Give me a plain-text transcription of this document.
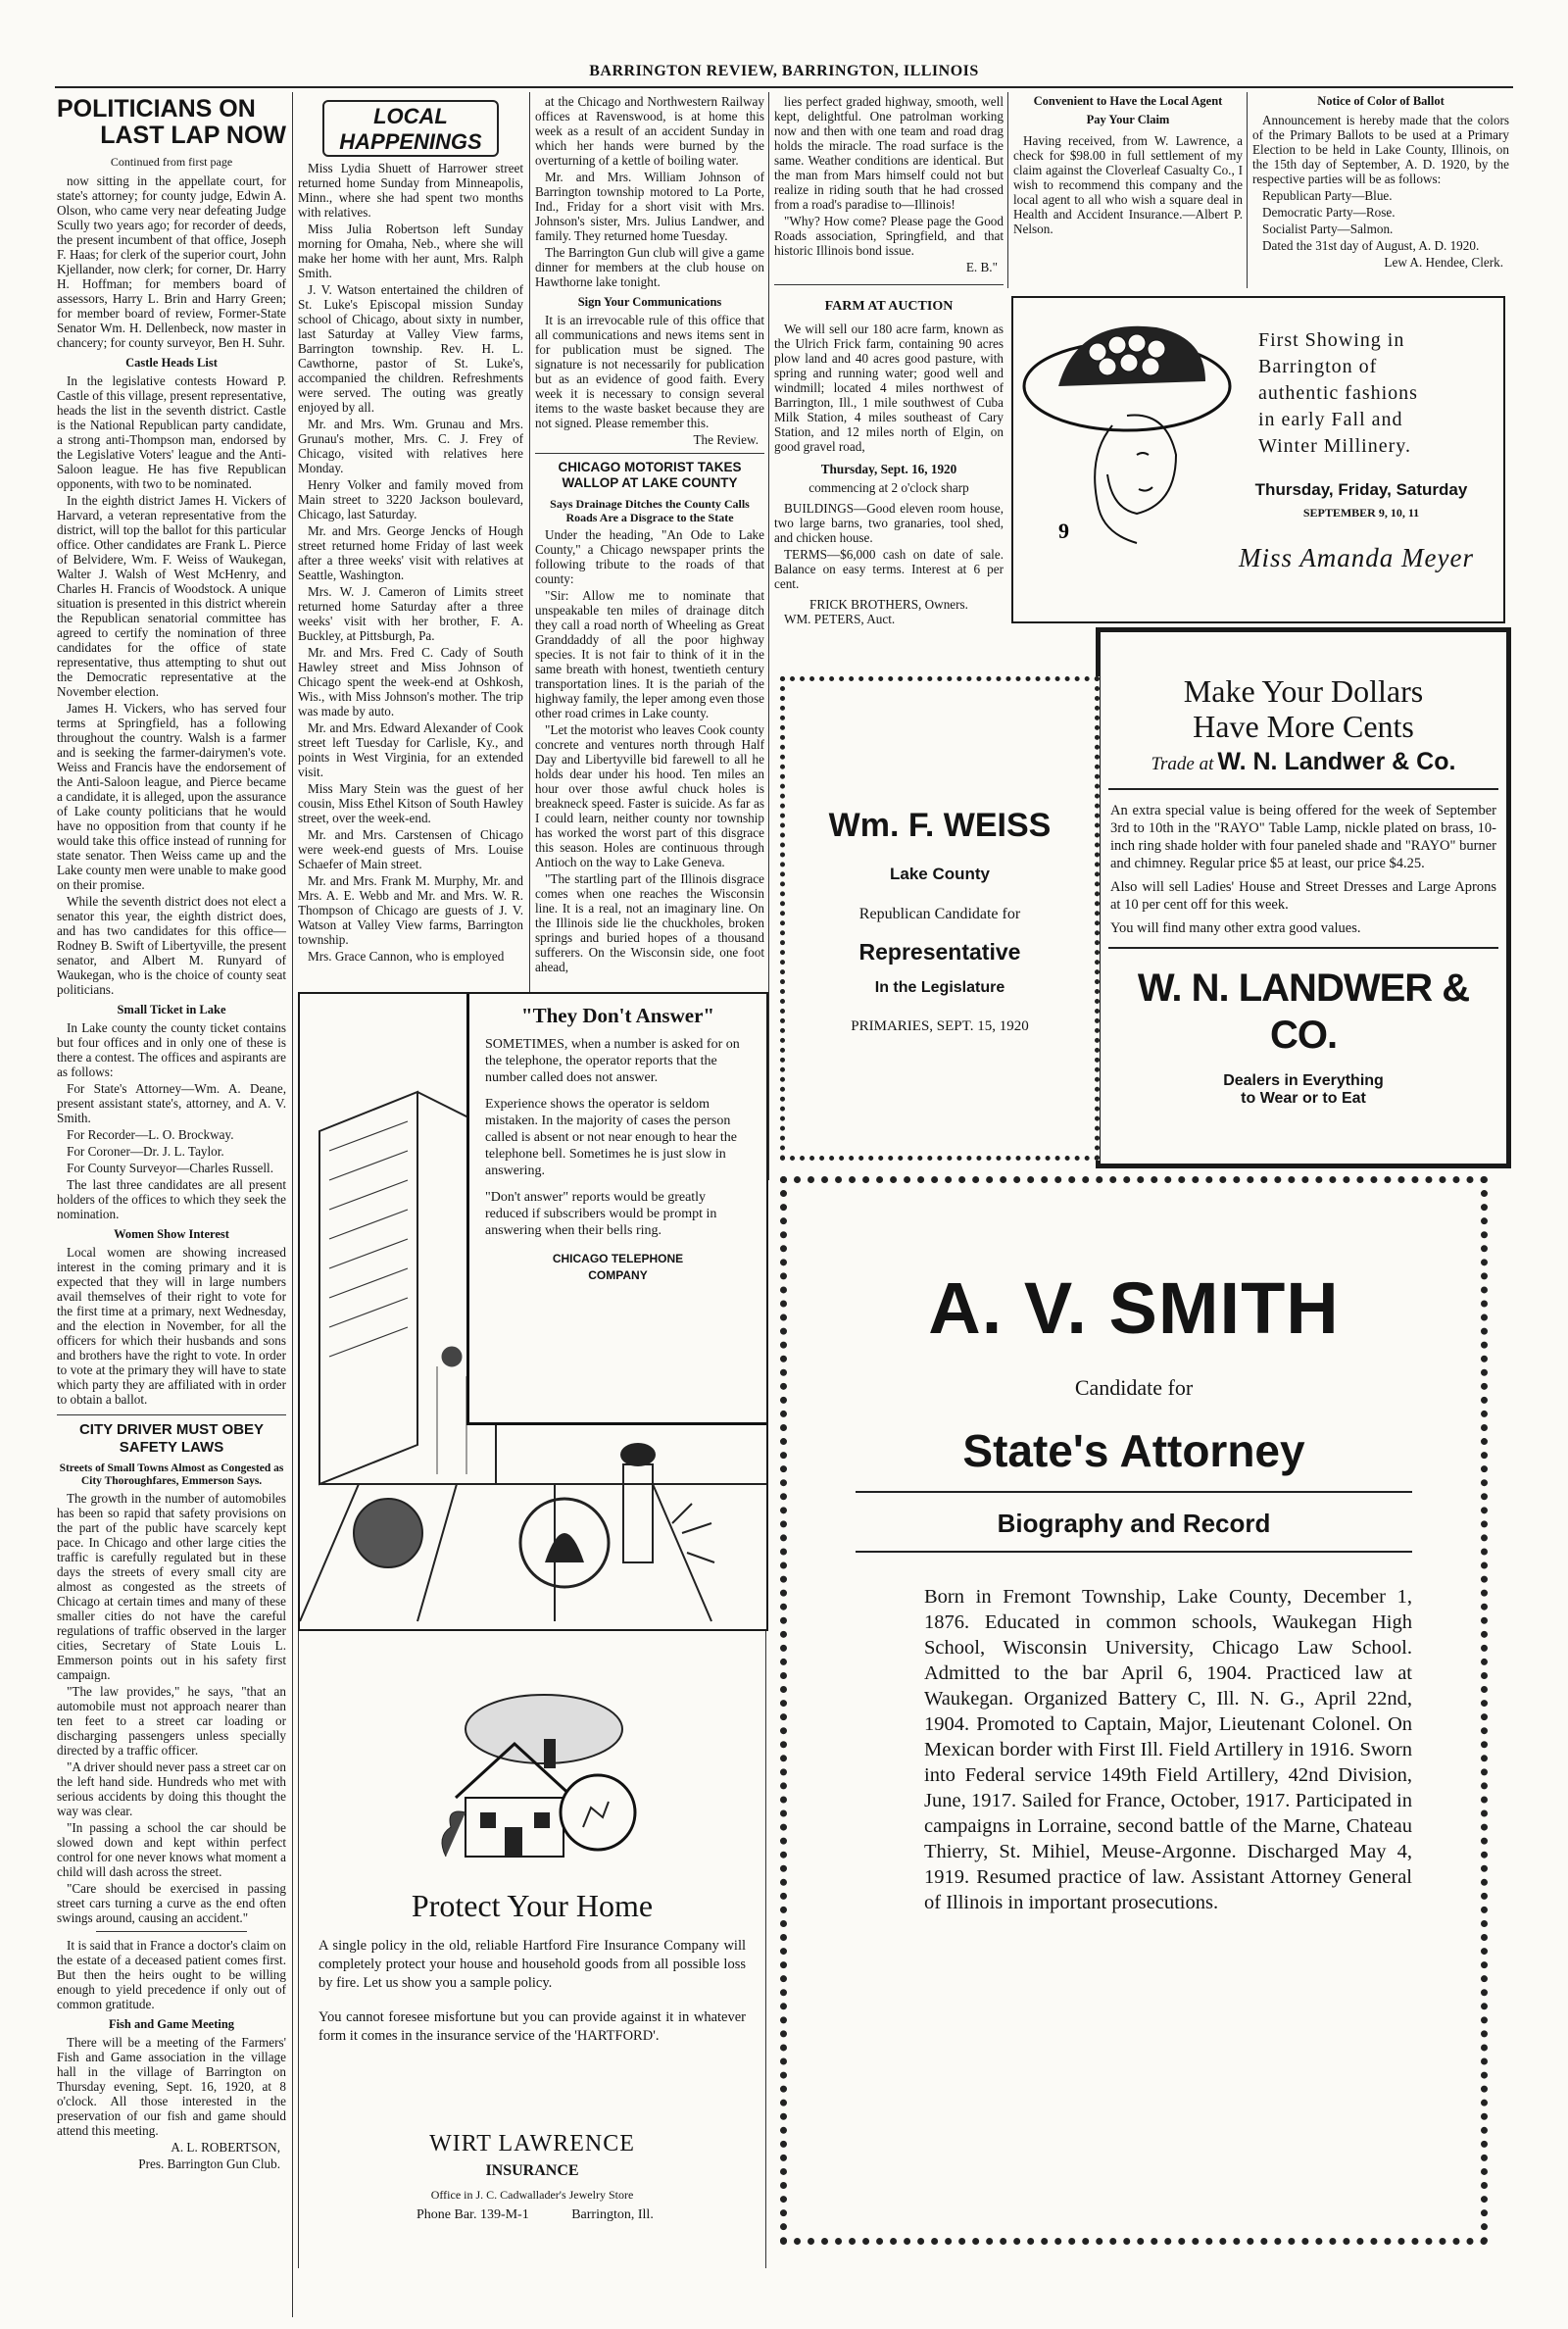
BARRINGTON REVIEW, BARRINGTON, ILLINOIS
POLITICIANS ON
LAST LAP NOW
Continued from first page

now sitting in the appellate court, for state's attorney; for county judge, Edwin A. Olson, who came very near defeating Judge Scully two years ago; for recorder of deeds, the present incumbent of that office, Joseph F. Haas; for clerk of the superior court, John Kjellander, now clerk; for corner, Dr. Harry H. Hoffman; for members board of assessors, Harry L. Brin and Harry Green; for member board of review, Former-State Senator Wm. H. Dellenbeck, now master in chancery; for county surveyor, Ben H. Suhr.

Castle Heads List

In the legislative contests Howard P. Castle of this village, present representative, heads the list in the seventh district. Castle is the National Republican party candidate, a strong anti-Thompson man, endorsed by the Legislative Voters' league and the Anti-Saloon league. He has five Republican opponents, with two to be nominated.

In the eighth district James H. Vickers of Harvard, a veteran representative from the district, will top the ballot for this particular office. Other candidates are Frank L. Pierce of Belvidere, Wm. F. Weiss of Waukegan, Walter J. Walsh of West McHenry, and Charles H. Francis of Woodstock. A unique situation is presented in this district wherein the Republican senatorial committee has agreed to certify the nomination of three candidates for the office of state representative, thus attempting to shut out the Democratic representative at the November election.

James H. Vickers, who has served four terms at Springfield, has a following throughout the country. Walsh is a farmer and is seeking the farmer-dairymen's vote. Weiss and Francis have the endorsement of the Anti-Saloon league, and Pierce became a candidate, it is alleged, upon the assurance of Lake county politicians that he would have no opposition from that county if he would take this office instead of running for state senator. Then Weiss came up and the Lake county men were unable to make good on their promise.

While the seventh district does not elect a senator this year, the eighth district does, and has two candidates for this office—Rodney B. Swift of Libertyville, the present senator, and Albert M. Runyard of Waukegan, who is the choice of county seat politicians.

Small Ticket in Lake

In Lake county the county ticket contains but four offices and in only one of these is there a contest. The offices and aspirants are as follows:

For State's Attorney—Wm. A. Deane, present assistant state's, attorney, and A. V. Smith.

For Recorder—L. O. Brockway.

For Coroner—Dr. J. L. Taylor.

For County Surveyor—Charles Russell.

The last three candidates are all present holders of the offices to which they seek the nomination.

Women Show Interest

Local women are showing increased interest in the coming primary and it is expected that they will in large numbers avail themselves of their right to vote for the first time at a primary, next Wednesday, and the election in November, for all the officers for which their husbands and sons and brothers have the right to vote. In order to vote at the primary they will have to state which party they are affiliated with in order to obtain a ballot.

CITY DRIVER MUST OBEY SAFETY LAWS
Streets of Small Towns Almost as Congested as City Thoroughfares, Emmerson Says.

The growth in the number of automobiles has been so rapid that safety provisions on the part of the public have scarcely kept pace. In Chicago and other large cities the traffic is carefully regulated but in these days the streets of every small city are almost as congested as the streets of Chicago at certain times and many of these smaller cities do not have the careful regulations of traffic observed in the larger cities, Secretary of State Louis L. Emmerson points out in his safety first campaign.

"The law provides," he says, "that an automobile must not approach nearer than ten feet to a street car loading or discharging passengers unless specially directed by a traffic officer.

"A driver should never pass a street car on the left hand side. Hundreds who met with serious accidents by doing this thought the way was clear.

"In passing a school the car should be slowed down and kept within perfect control for one never knows what moment a child will dash across the street.

"Care should be exercised in passing street cars turning a curve as the end often swings around, causing an accident."

It is said that in France a doctor's claim on the estate of a deceased patient comes first. But then the heirs ought to be willing enough to yield precedence if only out of common gratitude.

Fish and Game Meeting

There will be a meeting of the Farmers' Fish and Game association in the village hall in the village of Barrington on Thursday evening, Sept. 16, 1920, at 8 o'clock. All those interested in the preservation of our fish and game should attend this meeting.

A. L. ROBERTSON,
Pres. Barrington Gun Club.
LOCAL
HAPPENINGS

Miss Lydia Shuett of Harrower street returned home Sunday from Minneapolis, Minn., where she had spent two months with relatives.

Miss Julia Robertson left Sunday morning for Omaha, Neb., where she will make her home with her aunt, Mrs. Ralph Smith.

J. V. Watson entertained the children of St. Luke's Episcopal mission Sunday school of Chicago, about sixty in number, last Saturday at Valley View farms, Barrington township. Rev. H. L. Cawthorne, pastor of St. Luke's, accompanied the children. Refreshments were served. The outing was greatly enjoyed by all.

Mr. and Mrs. Wm. Grunau and Mrs. Grunau's mother, Mrs. C. J. Frey of Chicago, visited with relatives here Monday.

Henry Volker and family moved from Main street to 3220 Jackson boulevard, Chicago, last Saturday.

Mr. and Mrs. George Jencks of Hough street returned home Friday of last week after a three weeks' visit with relatives at Seattle, Washington.

Mrs. W. J. Cameron of Limits street returned home Saturday after a three weeks' visit with her brother, F. A. Buckley, at Pittsburgh, Pa.

Mr. and Mrs. Fred C. Cady of South Hawley street and Miss Johnson of Chicago spent the week-end at Oshkosh, Wis., with Miss Johnson's mother. The trip was made by auto.

Mr. and Mrs. Edward Alexander of Cook street left Tuesday for Carlisle, Ky., and points in West Virginia, for an extended visit.

Miss Mary Stein was the guest of her cousin, Miss Ethel Kitson of South Hawley street, over the week-end.

Mr. and Mrs. Carstensen of Chicago were week-end guests of Mrs. Louise Schaefer of Main street.

Mr. and Mrs. Frank M. Murphy, Mr. and Mrs. A. E. Webb and Mr. and Mrs. W. R. Thompson of Chicago are guests of J. V. Watson at Valley View farms, Barrington township.

Mrs. Grace Cannon, who is employed

at the Chicago and Northwestern Railway offices at Ravenswood, is at home this week as a result of an accident Sunday in which her hands were burned by the overturning of a kettle of boiling water.

Mr. and Mrs. William Johnson of Barrington township motored to La Porte, Ind., Friday for a short visit with Mrs. Johnson's sister, Mrs. Julius Landwer, and family. They returned home Tuesday.

The Barrington Gun club will give a game dinner for members at the club house on Hawthorne lake tonight.

Sign Your Communications

It is an irrevocable rule of this office that all communications and news items sent in for publication must be signed. The signature is not necessarily for publication but as an evidence of good faith. Every week it is necessary to consign several items to the waste basket because they are not signed. Please remember this.

The Review.
CHICAGO MOTORIST TAKES WALLOP AT LAKE COUNTY
Says Drainage Ditches the County Calls Roads Are a Disgrace to the State

Under the heading, "An Ode to Lake County," a Chicago newspaper prints the following tribute to the roads of that county:

"Sir: Allow me to nominate that unspeakable ten miles of drainage ditch they call a road north of Wheeling as Great Granddaddy of all the poor highway species. It is not fair to think of it in the same breath with honest, twentieth century transportation lines. It is the pariah of the highway family, the leper among even those other road crimes in Lake county.

"Let the motorist who leaves Cook county concrete and ventures north through Half Day and Libertyville bid farewell to all he holds dear under his hood. Ten miles an hour over those awful chuck holes is breakneck speed. Faster is suicide. As far as I could learn, neither county nor township has worked the worst part of this disgrace this season. Holes are continuous through Antioch on the way to Lake Geneva.

"The startling part of the Illinois disgrace comes when one reaches the Wisconsin line. It is a real, not an imaginary line. On the Illinois side lie the chuckholes, broken springs and buried hopes of a thousand sufferers. On the Wisconsin side, one foot ahead,

lies perfect graded highway, smooth, well kept, delightful. One patrolman working now and then with one team and road drag holds the miracle. The road surface is the same. Weather conditions are identical. But the man from Mars himself could not but realize in riding south that he had crossed from a road's paradise to—Illinois!

"Why? How come? Please page the Good Roads association, Springfield, and that historic Illinois bond issue.

E. B."
FARM AT AUCTION

We will sell our 180 acre farm, known as the Ulrich Frick farm, containing 90 acres plow land and 40 acres good pasture, with spring and running water; good well and windmill; located 4 miles northwest of Barrington, Ill., 1 mile southwest of Cuba Milk Station, 4 miles southeast of Cary Station, and 12 miles north of Elgin, on good gravel road,

Thursday, Sept. 16, 1920
commencing at 2 o'clock sharp

BUILDINGS—Good eleven room house, two large barns, two granaries, tool shed, and chicken house.

TERMS—$6,000 cash on date of sale. Balance on easy terms. Interest at 6 per cent.

FRICK BROTHERS, Owners.
WM. PETERS, Auct.
Convenient to Have the Local Agent
Pay Your Claim

Having received, from W. Lawrence, a check for $98.00 in full settlement of my claim against the Cloverleaf Casualty Co., I wish to recommend this company and the local agent to all who wish a square deal in Health and Accident Insurance.—Albert P. Nelson.

Notice of Color of Ballot

Announcement is hereby made that the colors of the Primary Ballots to be used at a Primary Election to be held in Lake County, Illinois, on the 15th day of September, A. D. 1920, by the respective parties will be as follows:

Republican Party—Blue.

Democratic Party—Rose.

Socialist Party—Salmon.

Dated the 31st day of August, A. D. 1920.

Lew A. Hendee, Clerk.
9
First Showing in
Barrington of
authentic fashions
in early Fall and
Winter Millinery.
Thursday, Friday, Saturday
SEPTEMBER 9, 10, 11
Miss Amanda Meyer
Make Your Dollars
Have More Cents
Trade at W. N. Landwer & Co.

An extra special value is being offered for the week of September 3rd to 10th in the "RAYO" Table Lamp, nickle plated on brass, 10-inch ring shade holder with four paneled shade and "RAYO" burner and chimney. Regular price $5 at least, our price $4.25.

Also will sell Ladies' House and Street Dresses and Large Aprons at 10 per cent off for this week.

You will find many other extra good values.

W. N. LANDWER & CO.
Dealers in Everything
to Wear or to Eat
Wm. F. WEISS
Lake County
Republican Candidate for
Representative
In the Legislature
PRIMARIES, SEPT. 15, 1920
"They Don't Answer"

SOMETIMES, when a number is asked for on the telephone, the operator reports that the number called does not answer.

Experience shows the operator is seldom mistaken. In the majority of cases the person called is absent or not near enough to hear the telephone bell. Sometimes he is just slow in answering.

"Don't answer" reports would be greatly reduced if subscribers would be prompt in answering when their bells ring.

CHICAGO TELEPHONE
COMPANY
Protect Your Home

A single policy in the old, reliable Hartford Fire Insurance Company will completely protect your house and household goods from all possible loss by fire. Let us show you a sample policy.

You cannot foresee misfortune but you can provide against it in whatever form it comes in the insurance service of the 'HARTFORD'.

WIRT LAWRENCE
INSURANCE
Office in J. C. Cadwallader's Jewelry Store
Phone Bar. 139-M-1	Barrington, Ill.
A. V. SMITH
Candidate for
State's Attorney
Biography and Record
Born in Fremont Township, Lake County, December 1, 1876. Educated in common schools, Waukegan High School, Wisconsin University, Chicago Law School. Admitted to the bar April 6, 1904. Practiced law at Waukegan. Organized Battery C, Ill. N. G., April 22nd, 1904. Promoted to Captain, Major, Lieutenant Colonel. On Mexican border with First Ill. Field Artillery in 1916. Sworn into Federal service 149th Field Artillery, 42nd Division, June, 1917. Sailed for France, October, 1917. Participated in campaigns in Lorraine, second battle of the Marne, Chateau Thierry, St. Mihiel, Meuse-Argonne. Discharged May 4, 1919. Resumed practice of law. Assistant Attorney General of Illinois in important prosecutions.
